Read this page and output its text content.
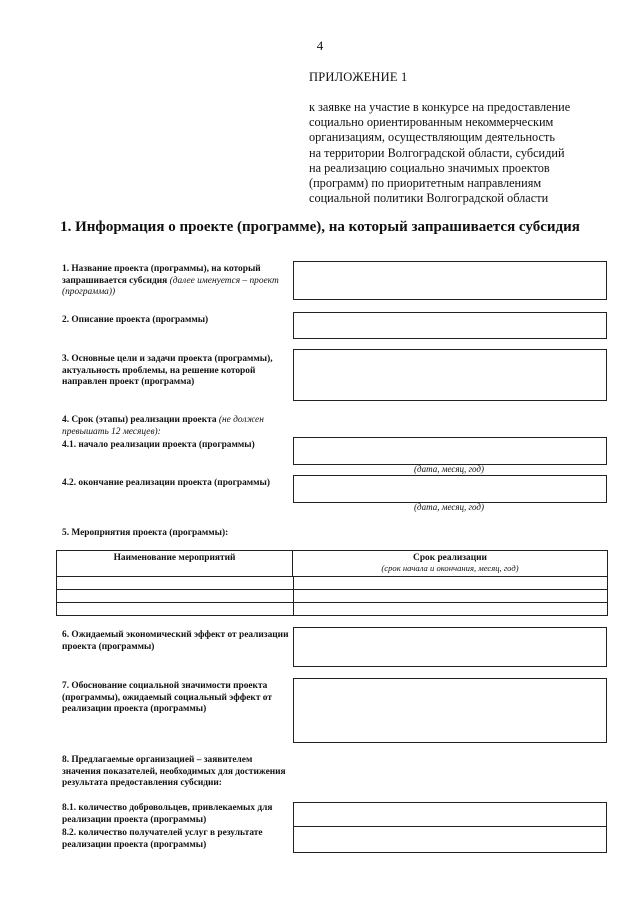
4
ПРИЛОЖЕНИЕ 1
к заявке на участие в конкурсе на предоставление
социально ориентированным некоммерческим
организациям, осуществляющим деятельность
на территории Волгоградской области, субсидий
на реализацию социально значимых проектов
(программ) по приоритетным направлениям
социальной политики Волгоградской области
1. Информация о проекте (программе), на который запрашивается субсидия
1. Название проекта (программы), на который запрашивается субсидия (далее именуется – проект (программа))
2. Описание проекта (программы)
3. Основные цели и задачи проекта (программы), актуальность проблемы, на решение которой направлен проект (программа)
4. Срок (этапы) реализации проекта (не должен превышать 12 месяцев):
4.1. начало реализации проекта (программы)
(дата, месяц, год)
4.2. окончание реализации проекта (программы)
(дата, месяц, год)
5. Мероприятия проекта (программы):
Наименование мероприятий	Срок реализации
(срок начала и окончания, месяц, год)
6. Ожидаемый экономический эффект от реализации проекта (программы)
7. Обоснование социальной значимости проекта (программы), ожидаемый социальный эффект от реализации проекта (программы)
8. Предлагаемые организацией – заявителем значения показателей, необходимых для достижения результата предоставления субсидии:
8.1. количество добровольцев, привлекаемых для реализации проекта (программы)
8.2. количество получателей услуг в результате реализации проекта (программы)
